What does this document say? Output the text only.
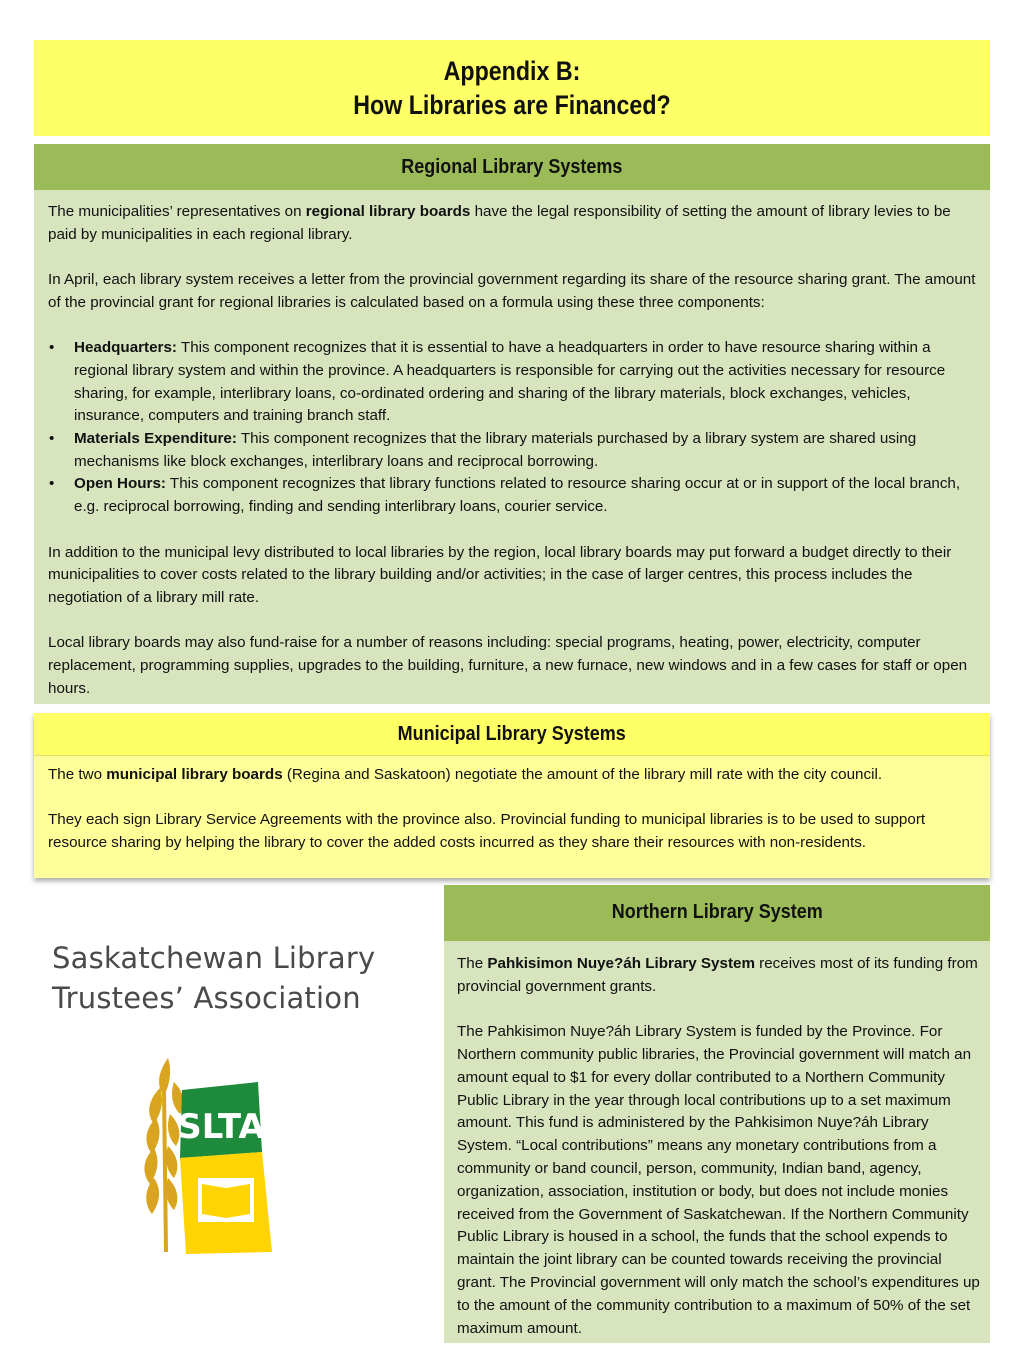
Appendix B:
How Libraries are Financed?
Regional Library Systems

The municipalities’ representatives on regional library boards have the legal responsibility of setting the amount of library levies to be paid by municipalities in each regional library.

In April, each library system receives a letter from the provincial government regarding its share of the resource sharing grant. The amount of the provincial grant for regional libraries is calculated based on a formula using these three components:

• Headquarters: This component recognizes that it is essential to have a headquarters in order to have resource sharing within a regional library system and within the province. A headquarters is responsible for carrying out the activities necessary for resource sharing, for example, interlibrary loans, co-ordinated ordering and sharing of the library materials, block exchanges, vehicles, insurance, computers and training branch staff.
• Materials Expenditure: This component recognizes that the library materials purchased by a library system are shared using mechanisms like block exchanges, interlibrary loans and reciprocal borrowing.
• Open Hours: This component recognizes that library functions related to resource sharing occur at or in support of the local branch, e.g. reciprocal borrowing, finding and sending interlibrary loans, courier service.

In addition to the municipal levy distributed to local libraries by the region, local library boards may put forward a budget directly to their municipalities to cover costs related to the library building and/or activities; in the case of larger centres, this process includes the negotiation of a library mill rate.

Local library boards may also fund-raise for a number of reasons including: special programs, heating, power, electricity, computer replacement, programming supplies, upgrades to the building, furniture, a new furnace, new windows and in a few cases for staff or open hours.

Municipal Library Systems

The two municipal library boards (Regina and Saskatoon) negotiate the amount of the library mill rate with the city council.

They each sign Library Service Agreements with the province also. Provincial funding to municipal libraries is to be used to support resource sharing by helping the library to cover the added costs incurred as they share their resources with non-residents.

Saskatchewan Library
Trustees’ Association
SLTA
Northern Library System

The Pahkisimon Nuye?áh Library System receives most of its funding from provincial government grants.

The Pahkisimon Nuye?áh Library System is funded by the Province. For Northern community public libraries, the Provincial government will match an amount equal to $1 for every dollar contributed to a Northern Community Public Library in the year through local contributions up to a set maximum amount. This fund is administered by the Pahkisimon Nuye?áh Library System. “Local contributions” means any monetary contributions from a community or band council, person, community, Indian band, agency, organization, association, institution or body, but does not include monies received from the Government of Saskatchewan. If the Northern Community Public Library is housed in a school, the funds that the school expends to maintain the joint library can be counted towards receiving the provincial grant. The Provincial government will only match the school’s expenditures up to the amount of the community contribution to a maximum of 50% of the set maximum amount.
